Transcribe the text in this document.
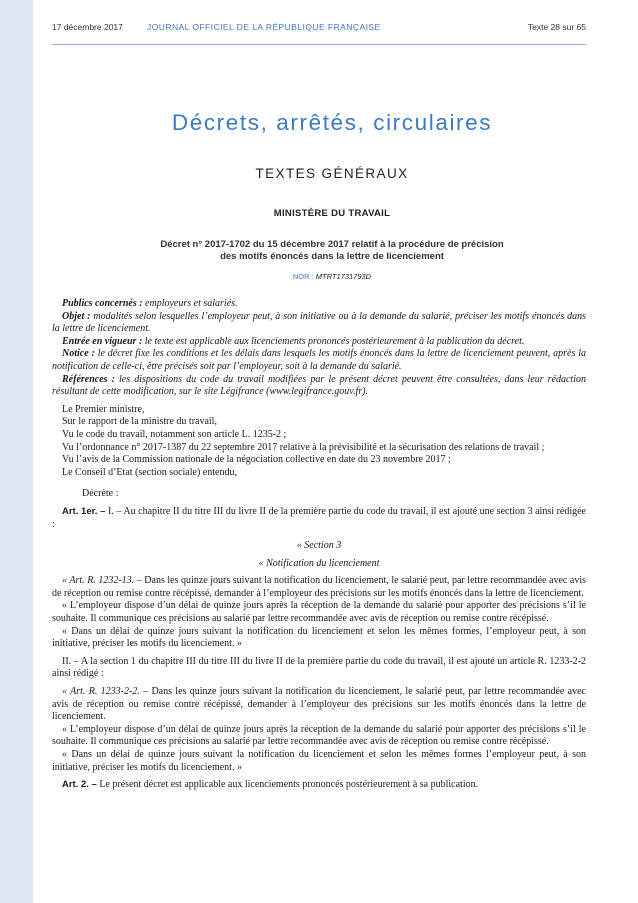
17 décembre 2017	JOURNAL OFFICIEL DE LA RÉPUBLIQUE FRANÇAISE	Texte 28 sur 65
Décrets, arrêtés, circulaires
TEXTES GÉNÉRAUX
MINISTÈRE DU TRAVAIL
Décret n° 2017-1702 du 15 décembre 2017 relatif à la procédure de précision
des motifs énoncés dans la lettre de licenciement
NOR : MTRT1731793D

Publics concernés : employeurs et salariés.

Objet : modalités selon lesquelles l’employeur peut, à son initiative ou à la demande du salarié, préciser les motifs énoncés dans la lettre de licenciement.

Entrée en vigueur : le texte est applicable aux licenciements prononcés postérieurement à la publication du décret.

Notice : le décret fixe les conditions et les délais dans lesquels les motifs énoncés dans la lettre de licenciement peuvent, après la notification de celle-ci, être précisés soit par l’employeur, soit à la demande du salarié.

Références : les dispositions du code du travail modifiées par le présent décret peuvent être consultées, dans leur rédaction résultant de cette modification, sur le site Légifrance (www.legifrance.gouv.fr).

Le Premier ministre,

Sur le rapport de la ministre du travail,

Vu le code du travail, notamment son article L. 1235-2 ;

Vu l’ordonnance n° 2017-1387 du 22 septembre 2017 relative à la prévisibilité et la sécurisation des relations de travail ;

Vu l’avis de la Commission nationale de la négociation collective en date du 23 novembre 2017 ;

Le Conseil d’Etat (section sociale) entendu,

Décrète :

Art. 1er. – I. – Au chapitre II du titre III du livre II de la première partie du code du travail, il est ajouté une section 3 ainsi rédigée :

« Section 3

« Notification du licenciement

« Art. R. 1232-13. – Dans les quinze jours suivant la notification du licenciement, le salarié peut, par lettre recommandée avec avis de réception ou remise contre récépissé, demander à l’employeur des précisions sur les motifs énoncés dans la lettre de licenciement.

« L’employeur dispose d’un délai de quinze jours après la réception de la demande du salarié pour apporter des précisions s’il le souhaite. Il communique ces précisions au salarié par lettre recommandée avec avis de réception ou remise contre récépissé.

« Dans un délai de quinze jours suivant la notification du licenciement et selon les mêmes formes, l’employeur peut, à son initiative, préciser les motifs du licenciement. »

II. – A la section 1 du chapitre III du titre III du livre II de la première partie du code du travail, il est ajouté un article R. 1233-2-2 ainsi rédigé :

« Art. R. 1233-2-2. – Dans les quinze jours suivant la notification du licenciement, le salarié peut, par lettre recommandée avec avis de réception ou remise contre récépissé, demander à l’employeur des précisions sur les motifs énoncés dans la lettre de licenciement.

« L’employeur dispose d’un délai de quinze jours après la réception de la demande du salarié pour apporter des précisions s’il le souhaite. Il communique ces précisions au salarié par lettre recommandée avec avis de réception ou remise contre récépissé.

« Dans un délai de quinze jours suivant la notification du licenciement et selon les mêmes formes l’employeur peut, à son initiative, préciser les motifs du licenciement. »

Art. 2. – Le présent décret est applicable aux licenciements prononcés postérieurement à sa publication.
